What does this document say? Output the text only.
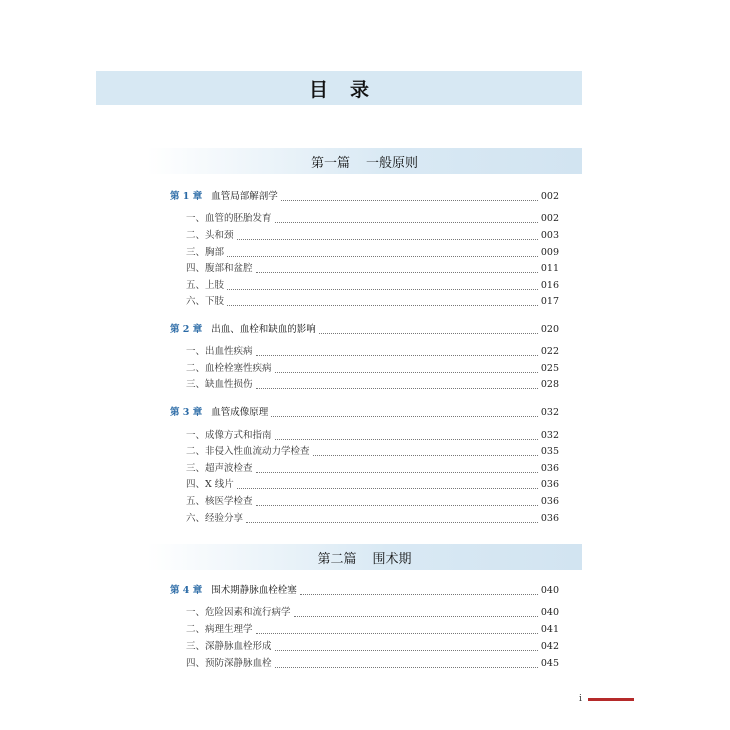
目录
第一篇 一般原则
第 1 章 血管局部解剖学	002
一、血管的胚胎发育	002
二、头和颈	003
三、胸部	009
四、腹部和盆腔	011
五、上肢	016
六、下肢	017
第 2 章 出血、血栓和缺血的影响	020
一、出血性疾病	022
二、血栓栓塞性疾病	025
三、缺血性损伤	028
第 3 章 血管成像原理	032
一、成像方式和指南	032
二、非侵入性血流动力学检查	035
三、超声波检查	036
四、X 线片	036
五、核医学检查	036
六、经验分享	036
第二篇 围术期
第 4 章 围术期静脉血栓栓塞	040
一、危险因素和流行病学	040
二、病理生理学	041
三、深静脉血栓形成	042
四、预防深静脉血栓	045
i
